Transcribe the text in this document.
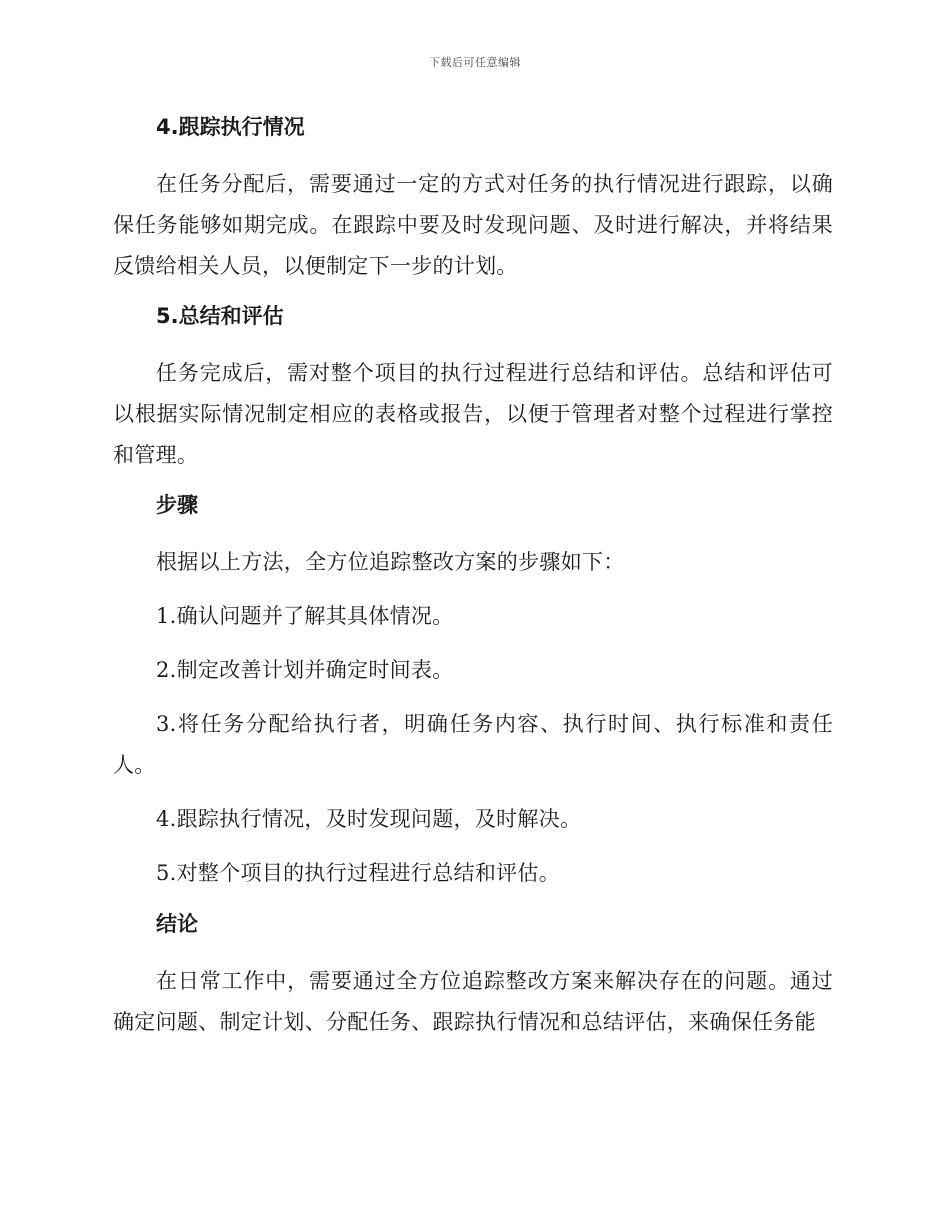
下载后可任意编辑
4.跟踪执行情况

在任务分配后，需要通过一定的方式对任务的执行情况进行跟踪，以确保任务能够如期完成。在跟踪中要及时发现问题、及时进行解决，并将结果反馈给相关人员，以便制定下一步的计划。

5.总结和评估

任务完成后，需对整个项目的执行过程进行总结和评估。总结和评估可以根据实际情况制定相应的表格或报告，以便于管理者对整个过程进行掌控和管理。

步骤

根据以上方法，全方位追踪整改方案的步骤如下：

1.确认问题并了解其具体情况。

2.制定改善计划并确定时间表。

3.将任务分配给执行者，明确任务内容、执行时间、执行标准和责任人。

4.跟踪执行情况，及时发现问题，及时解决。

5.对整个项目的执行过程进行总结和评估。

结论

在日常工作中，需要通过全方位追踪整改方案来解决存在的问题。通过确定问题、制定计划、分配任务、跟踪执行情况和总结评估，来确保任务能
